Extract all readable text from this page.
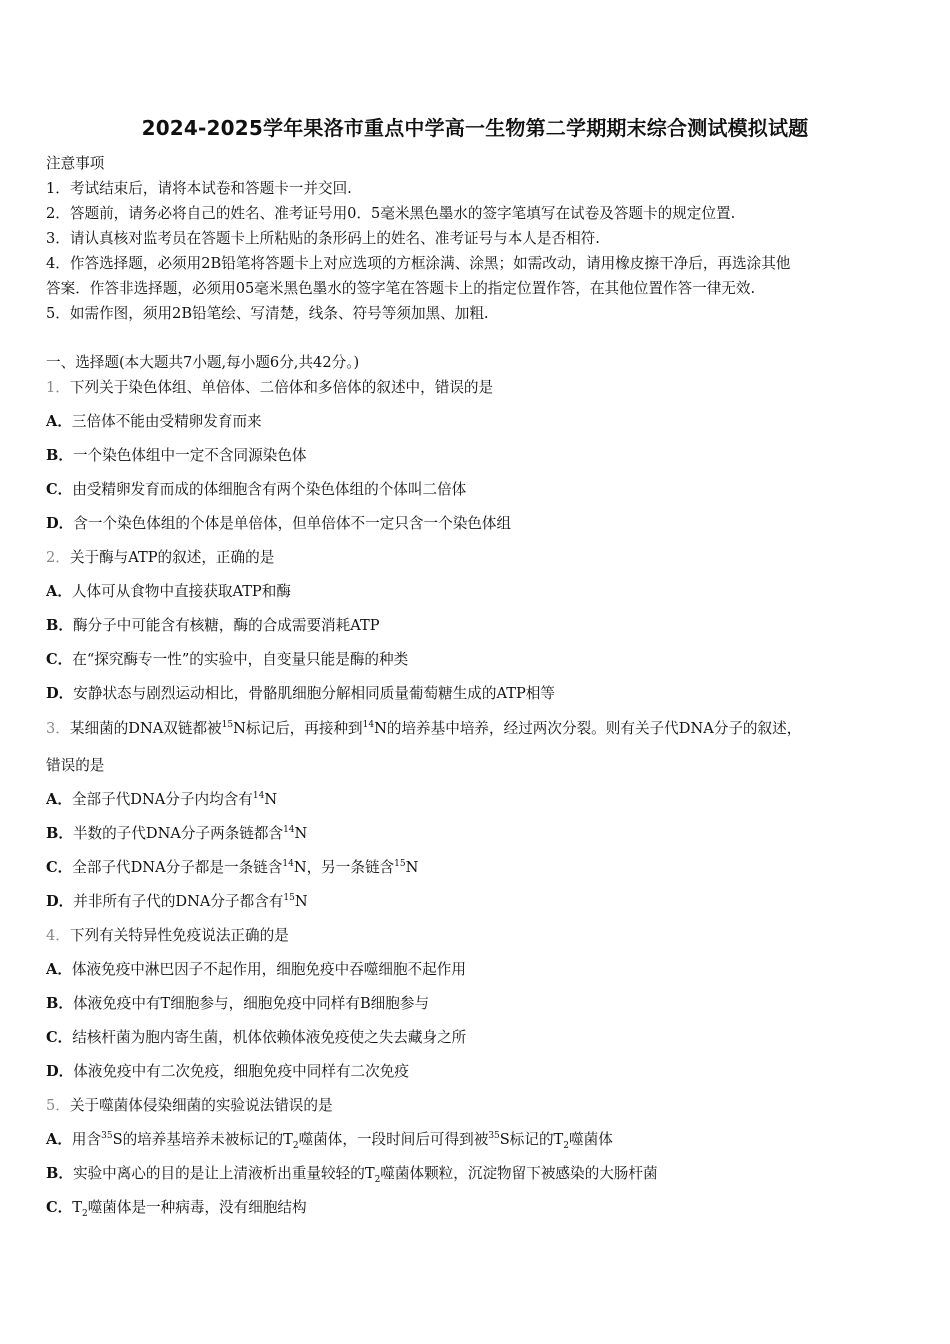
2024-2025学年果洛市重点中学高一生物第二学期期末综合测试模拟试题
注意事项
1．考试结束后，请将本试卷和答题卡一并交回.
2．答题前，请务必将自己的姓名、准考证号用0．5毫米黑色墨水的签字笔填写在试卷及答题卡的规定位置.
3．请认真核对监考员在答题卡上所粘贴的条形码上的姓名、准考证号与本人是否相符.
4．作答选择题，必须用2B铅笔将答题卡上对应选项的方框涂满、涂黑；如需改动，请用橡皮擦干净后，再选涂其他
答案．作答非选择题，必须用05毫米黑色墨水的签字笔在答题卡上的指定位置作答，在其他位置作答一律无效.
5．如需作图，须用2B铅笔绘、写清楚，线条、符号等须加黑、加粗.
一、选择题(本大题共7小题,每小题6分,共42分。)
1．下列关于染色体组、单倍体、二倍体和多倍体的叙述中，错误的是
A．三倍体不能由受精卵发育而来
B．一个染色体组中一定不含同源染色体
C．由受精卵发育而成的体细胞含有两个染色体组的个体叫二倍体
D．含一个染色体组的个体是单倍体，但单倍体不一定只含一个染色体组
2．关于酶与ATP的叙述，正确的是
A．人体可从食物中直接获取ATP和酶
B．酶分子中可能含有核糖，酶的合成需要消耗ATP
C．在“探究酶专一性”的实验中，自变量只能是酶的种类
D．安静状态与剧烈运动相比，骨骼肌细胞分解相同质量葡萄糖生成的ATP相等
3．某细菌的DNA双链都被$^{15}$N标记后，再接种到$^{14}$N的培养基中培养，经过两次分裂。则有关子代DNA分子的叙述，
错误的是
A．全部子代DNA分子内均含有$^{14}$N
B．半数的子代DNA分子两条链都含$^{14}$N
C．全部子代DNA分子都是一条链含$^{14}$N，另一条链含$^{15}$N
D．并非所有子代的DNA分子都含有$^{15}$N
4．下列有关特异性免疫说法正确的是
A．体液免疫中淋巴因子不起作用，细胞免疫中吞噬细胞不起作用
B．体液免疫中有T细胞参与，细胞免疫中同样有B细胞参与
C．结核杆菌为胞内寄生菌，机体依赖体液免疫使之失去藏身之所
D．体液免疫中有二次免疫，细胞免疫中同样有二次免疫
5．关于噬菌体侵染细菌的实验说法错误的是
A．用含$^{35}$S的培养基培养未被标记的$T_2$噬菌体，一段时间后可得到被$^{35}$S标记的$T_2$噬菌体
B．实验中离心的目的是让上清液析出重量较轻的$T_2$噬菌体颗粒，沉淀物留下被感染的大肠杆菌
C．$T_2$噬菌体是一种病毒，没有细胞结构
